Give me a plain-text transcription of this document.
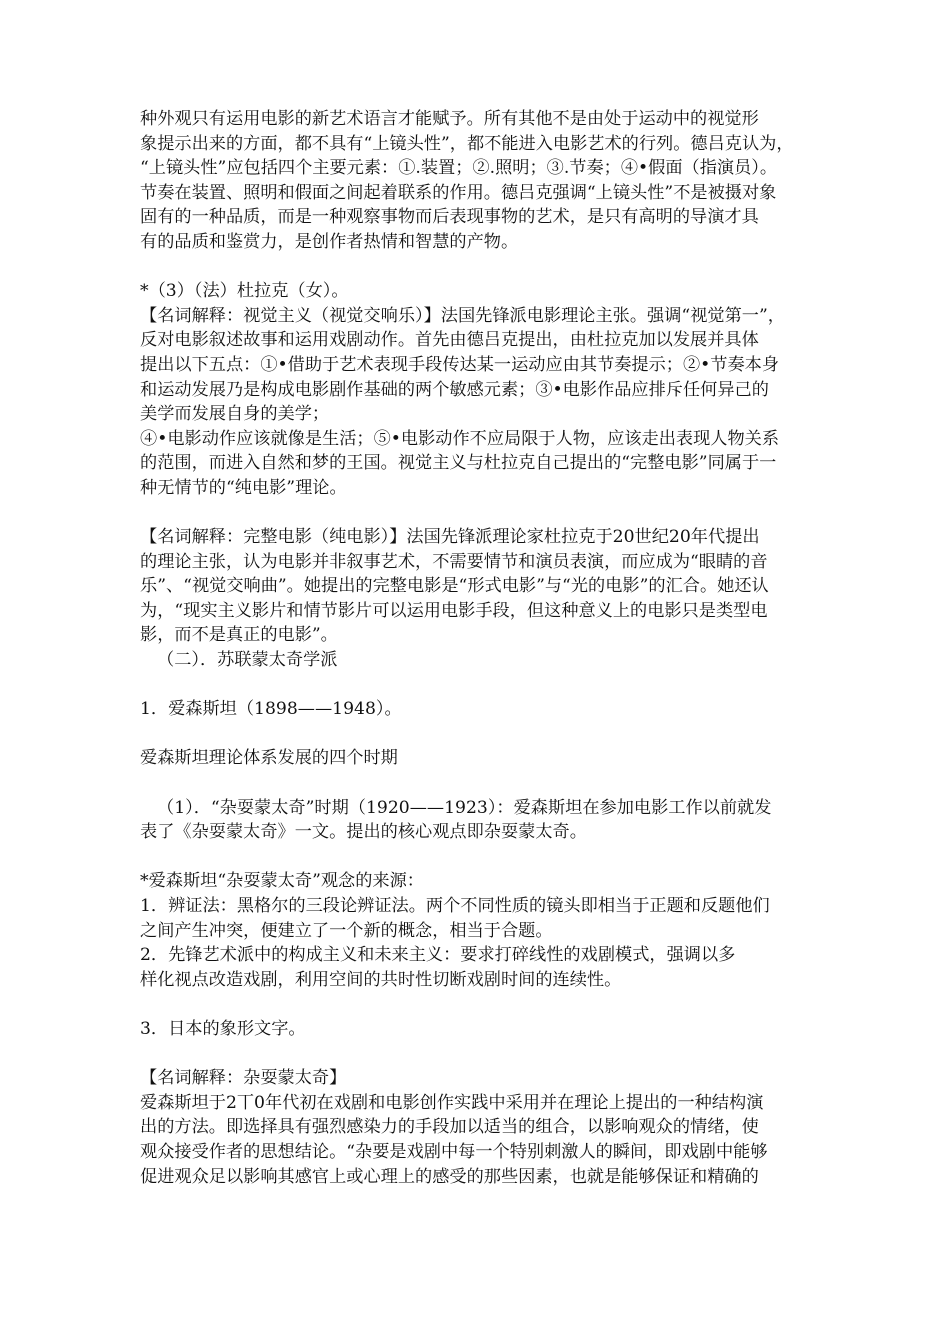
种外观只有运用电影的新艺术语言才能赋予。所有其他不是由处于运动中的视觉形
象提示出来的方面，都不具有“上镜头性”，都不能进入电影艺术的行列。德吕克认为，
“上镜头性”应包括四个主要元素：①.装置；②.照明；③.节奏；④•假面（指演员）。
节奏在装置、照明和假面之间起着联系的作用。德吕克强调“上镜头性”不是被摄对象
固有的一种品质，而是一种观察事物而后表现事物的艺术，是只有高明的导演才具
有的品质和鉴赏力，是创作者热情和智慧的产物。
*（3）（法）杜拉克（女）。
【名词解释：视觉主义（视觉交响乐）】法国先锋派电影理论主张。强调“视觉第一”，
反对电影叙述故事和运用戏剧动作。首先由德吕克提出，由杜拉克加以发展并具体
提出以下五点：①•借助于艺术表现手段传达某一运动应由其节奏提示；②•节奏本身
和运动发展乃是构成电影剧作基础的两个敏感元素；③•电影作品应排斥任何异己的
美学而发展自身的美学；
④•电影动作应该就像是生活；⑤•电影动作不应局限于人物，应该走出表现人物关系
的范围，而进入自然和梦的王国。视觉主义与杜拉克自己提出的“完整电影”同属于一
种无情节的“纯电影”理论。
【名词解释：完整电影（纯电影）】法国先锋派理论家杜拉克于20世纪20年代提出
的理论主张，认为电影并非叙事艺术，不需要情节和演员表演，而应成为“眼睛的音
乐”、“视觉交响曲”。她提出的完整电影是“形式电影”与“光的电影”的汇合。她还认
为，“现实主义影片和情节影片可以运用电影手段，但这种意义上的电影只是类型电
影，而不是真正的电影”。
（二）．苏联蒙太奇学派
1．爱森斯坦（1898——1948）。
爱森斯坦理论体系发展的四个时期
（1）．“杂耍蒙太奇”时期（1920——1923）：爱森斯坦在参加电影工作以前就发
表了《杂耍蒙太奇》一文。提出的核心观点即杂耍蒙太奇。
*爱森斯坦“杂耍蒙太奇”观念的来源：
1．辨证法：黑格尔的三段论辨证法。两个不同性质的镜头即相当于正题和反题他们
之间产生冲突，便建立了一个新的概念，相当于合题。
2．先锋艺术派中的构成主义和未来主义：要求打碎线性的戏剧模式，强调以多
样化视点改造戏剧，利用空间的共时性切断戏剧时间的连续性。
3．日本的象形文字。
【名词解释：杂耍蒙太奇】
爱森斯坦于2丅0年代初在戏剧和电影创作实践中采用并在理论上提出的一种结构演
出的方法。即选择具有强烈感染力的手段加以适当的组合，以影响观众的情绪，使
观众接受作者的思想结论。“杂要是戏剧中每一个特别刺激人的瞬间，即戏剧中能够
促进观众足以影响其感官上或心理上的感受的那些因素，也就是能够保证和精确的
